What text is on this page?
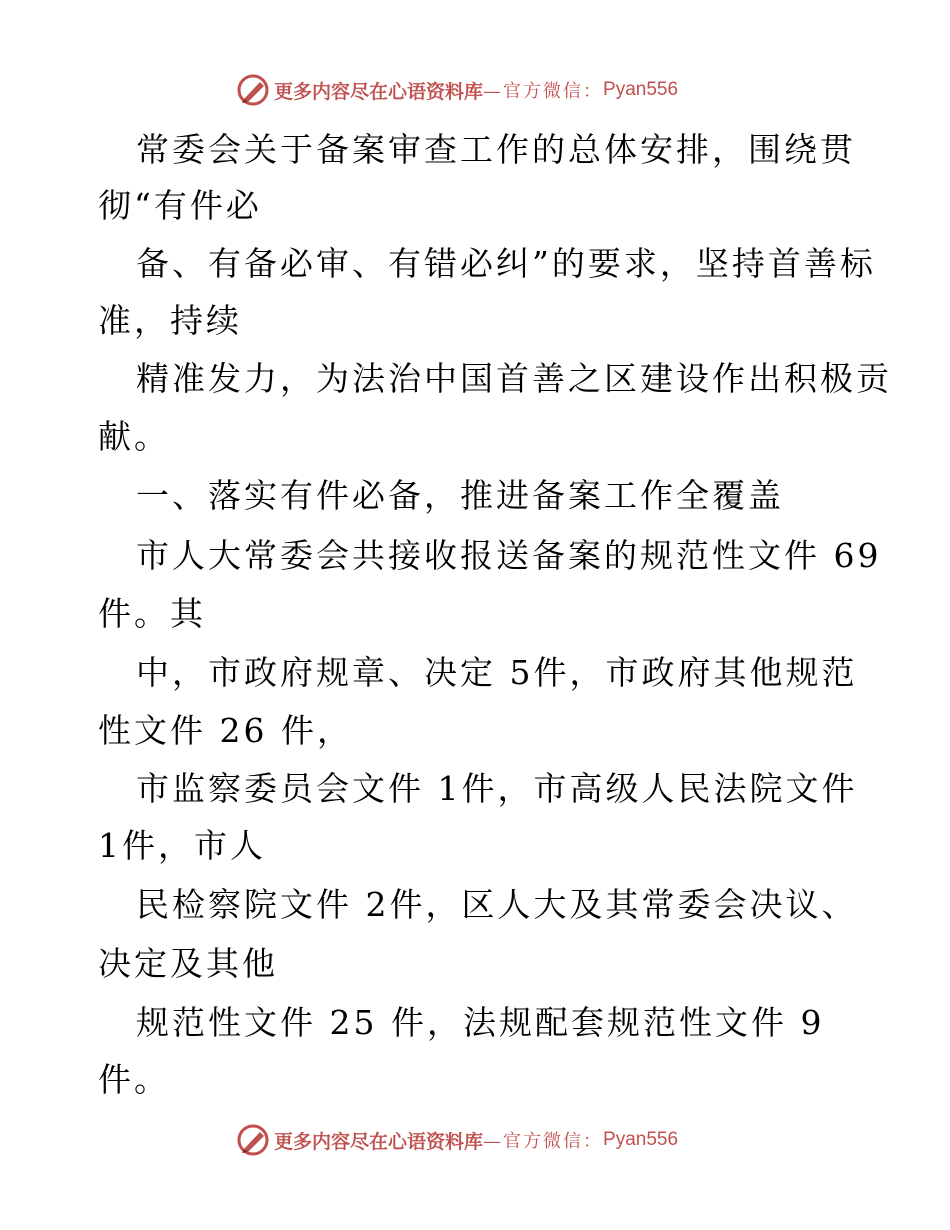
更多内容尽在心语资料库 —官方微信： Pyan556
常委会关于备案审查工作的总体安排，围绕贯
彻“有件必
备、有备必审、有错必纠”的要求，坚持首善标
准，持续
精准发力，为法治中国首善之区建设作出积极贡
献。
一、落实有件必备，推进备案工作全覆盖
市人大常委会共接收报送备案的规范性文件 69
件。其
中，市政府规章、决定 5件，市政府其他规范
性文件 26 件，
市监察委员会文件 1件，市高级人民法院文件
1件，市人
民检察院文件 2件，区人大及其常委会决议、
决定及其他
规范性文件 25 件，法规配套规范性文件 9
件。
更多内容尽在心语资料库 —官方微信： Pyan556
